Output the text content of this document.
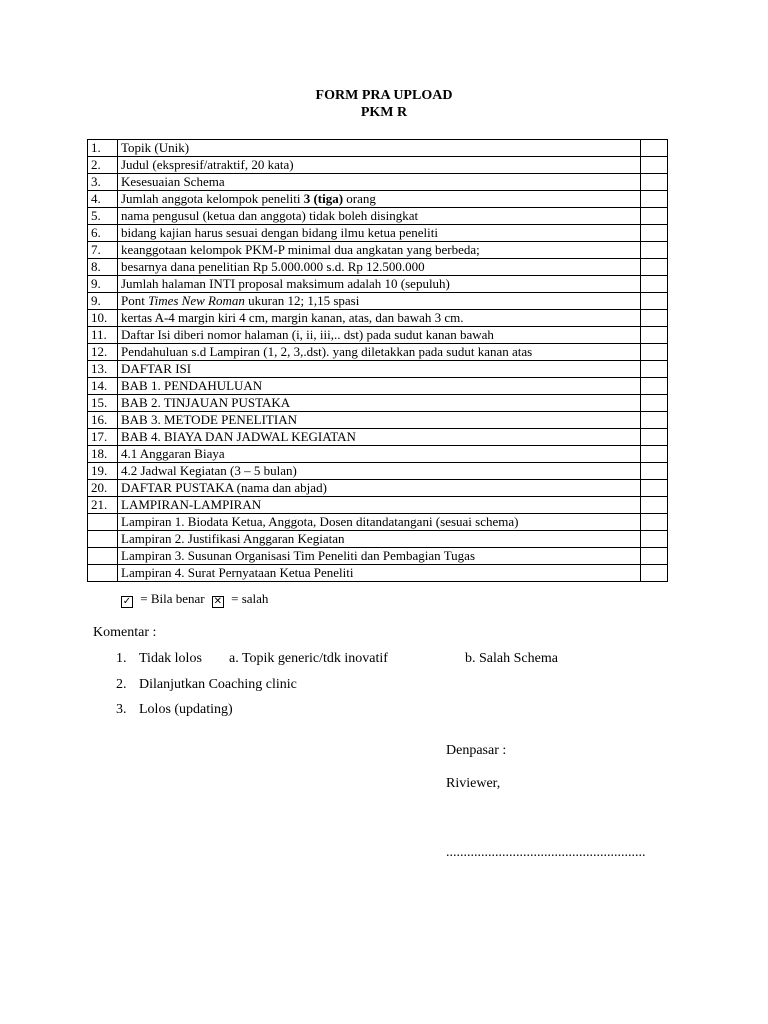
FORM PRA UPLOAD
PKM R
1.	Topik (Unik)	
2.	Judul (ekspresif/atraktif, 20 kata)	
3.	Kesesuaian Schema	
4.	Jumlah anggota kelompok peneliti 3 (tiga) orang	
5.	nama pengusul (ketua dan anggota) tidak boleh disingkat	
6.	bidang kajian harus sesuai dengan bidang ilmu ketua peneliti	
7.	keanggotaan kelompok PKM-P minimal dua angkatan yang berbeda;	
8.	besarnya dana penelitian Rp 5.000.000 s.d. Rp 12.500.000	
9.	Jumlah halaman INTI proposal maksimum adalah 10 (sepuluh)	
9.	Pont Times New Roman ukuran 12; 1,15 spasi	
10.	kertas A-4 margin kiri 4 cm, margin kanan, atas, dan bawah 3 cm.	
11.	Daftar Isi diberi nomor halaman (i, ii, iii,.. dst) pada sudut kanan bawah	
12.	Pendahuluan s.d Lampiran (1, 2, 3,.dst). yang diletakkan pada sudut kanan atas	
13.	DAFTAR ISI	
14.	BAB 1. PENDAHULUAN	
15.	BAB 2. TINJAUAN PUSTAKA	
16.	BAB 3. METODE PENELITIAN	
17.	BAB 4. BIAYA DAN JADWAL KEGIATAN	
18.	4.1 Anggaran Biaya	
19.	4.2 Jadwal Kegiatan (3 – 5 bulan)	
20.	DAFTAR PUSTAKA (nama dan abjad)	
21.	LAMPIRAN-LAMPIRAN	
	Lampiran 1. Biodata Ketua, Anggota, Dosen ditandatangani (sesuai schema)	
	Lampiran 2. Justifikasi Anggaran Kegiatan	
	Lampiran 3. Susunan Organisasi Tim Peneliti dan Pembagian Tugas	
	Lampiran 4. Surat Pernyataan Ketua Peneliti	
✓ = Bila benar ✕ = salah
Komentar :
1. Tidak lolos a. Topik generic/tdk inovatif	b. Salah Schema
2. Dilanjutkan Coaching clinic
3. Lolos (updating)
Denpasar :
Riviewer,
.........................................................
